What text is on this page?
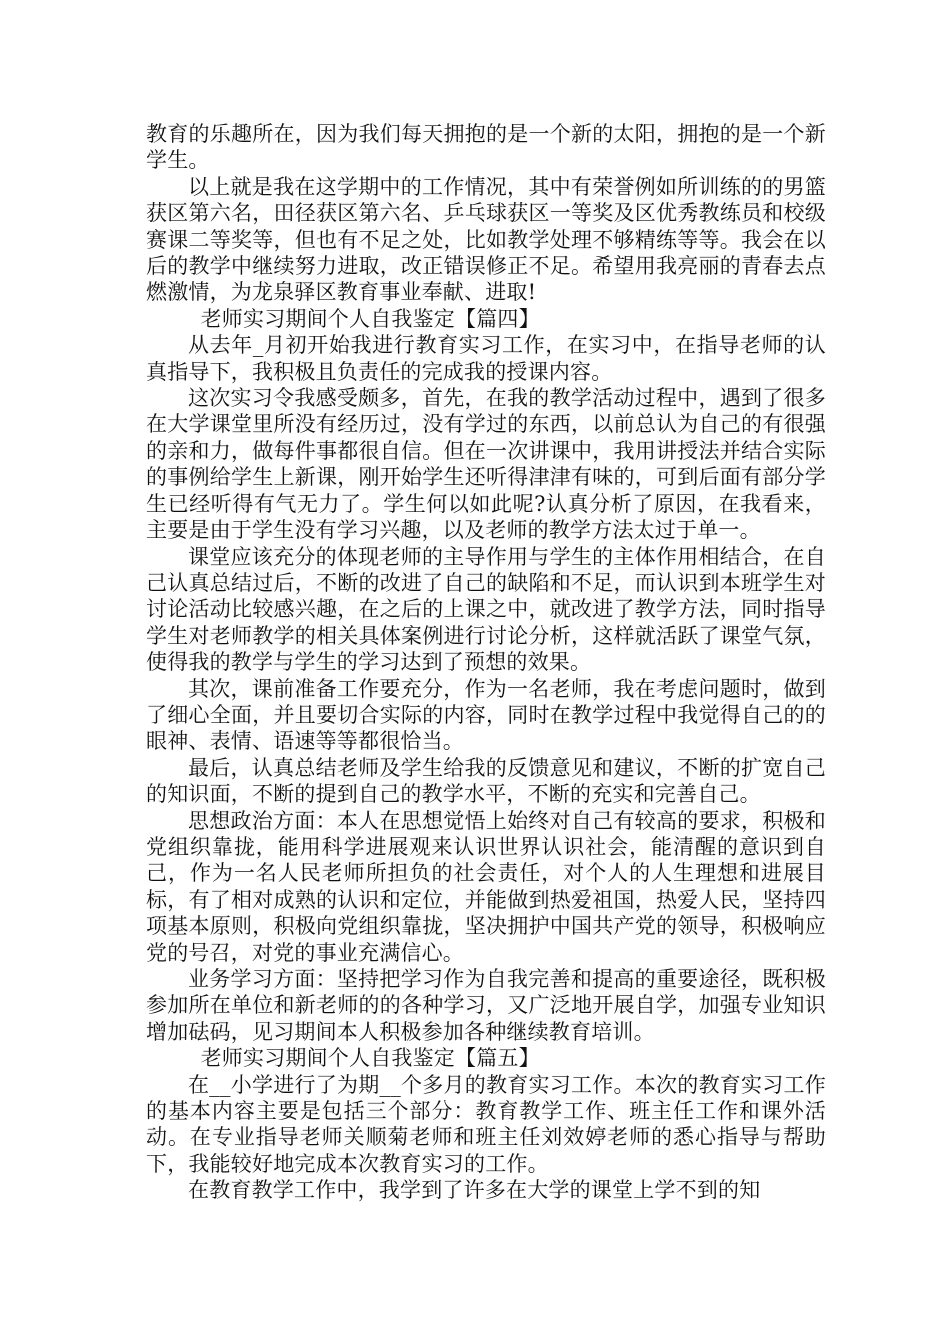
教育的乐趣所在，因为我们每天拥抱的是一个新的太阳，拥抱的是一个新学生。

以上就是我在这学期中的工作情况，其中有荣誉例如所训练的的男篮获区第六名，田径获区第六名、乒乓球获区一等奖及区优秀教练员和校级赛课二等奖等，但也有不足之处，比如教学处理不够精练等等。我会在以后的教学中继续努力进取，改正错误修正不足。希望用我亮丽的青春去点燃激情，为龙泉驿区教育事业奉献、进取!

老师实习期间个人自我鉴定【篇四】

从去年_月初开始我进行教育实习工作，在实习中，在指导老师的认真指导下，我积极且负责任的完成我的授课内容。

这次实习令我感受颇多，首先，在我的教学活动过程中，遇到了很多在大学课堂里所没有经历过，没有学过的东西，以前总认为自己的有很强的亲和力，做每件事都很自信。但在一次讲课中，我用讲授法并结合实际的事例给学生上新课，刚开始学生还听得津津有味的，可到后面有部分学生已经听得有气无力了。学生何以如此呢?认真分析了原因，在我看来，主要是由于学生没有学习兴趣，以及老师的教学方法太过于单一。

课堂应该充分的体现老师的主导作用与学生的主体作用相结合，在自己认真总结过后，不断的改进了自己的缺陷和不足，而认识到本班学生对讨论活动比较感兴趣，在之后的上课之中，就改进了教学方法，同时指导学生对老师教学的相关具体案例进行讨论分析，这样就活跃了课堂气氛，使得我的教学与学生的学习达到了预想的效果。

其次，课前准备工作要充分，作为一名老师，我在考虑问题时，做到了细心全面，并且要切合实际的内容，同时在教学过程中我觉得自己的的眼神、表情、语速等等都很恰当。

最后，认真总结老师及学生给我的反馈意见和建议，不断的扩宽自己的知识面，不断的提到自己的教学水平，不断的充实和完善自己。

思想政治方面：本人在思想觉悟上始终对自己有较高的要求，积极和党组织靠拢，能用科学进展观来认识世界认识社会，能清醒的意识到自己，作为一名人民老师所担负的社会责任，对个人的人生理想和进展目标，有了相对成熟的认识和定位，并能做到热爱祖国，热爱人民，坚持四项基本原则，积极向党组织靠拢，坚决拥护中国共产党的领导，积极响应党的号召，对党的事业充满信心。

业务学习方面：坚持把学习作为自我完善和提高的重要途径，既积极参加所在单位和新老师的的各种学习，又广泛地开展自学，加强专业知识增加砝码，见习期间本人积极参加各种继续教育培训。

老师实习期间个人自我鉴定【篇五】

在__小学进行了为期__个多月的教育实习工作。本次的教育实习工作的基本内容主要是包括三个部分：教育教学工作、班主任工作和课外活动。在专业指导老师关顺菊老师和班主任刘效婷老师的悉心指导与帮助下，我能较好地完成本次教育实习的工作。

在教育教学工作中，我学到了许多在大学的课堂上学不到的知
